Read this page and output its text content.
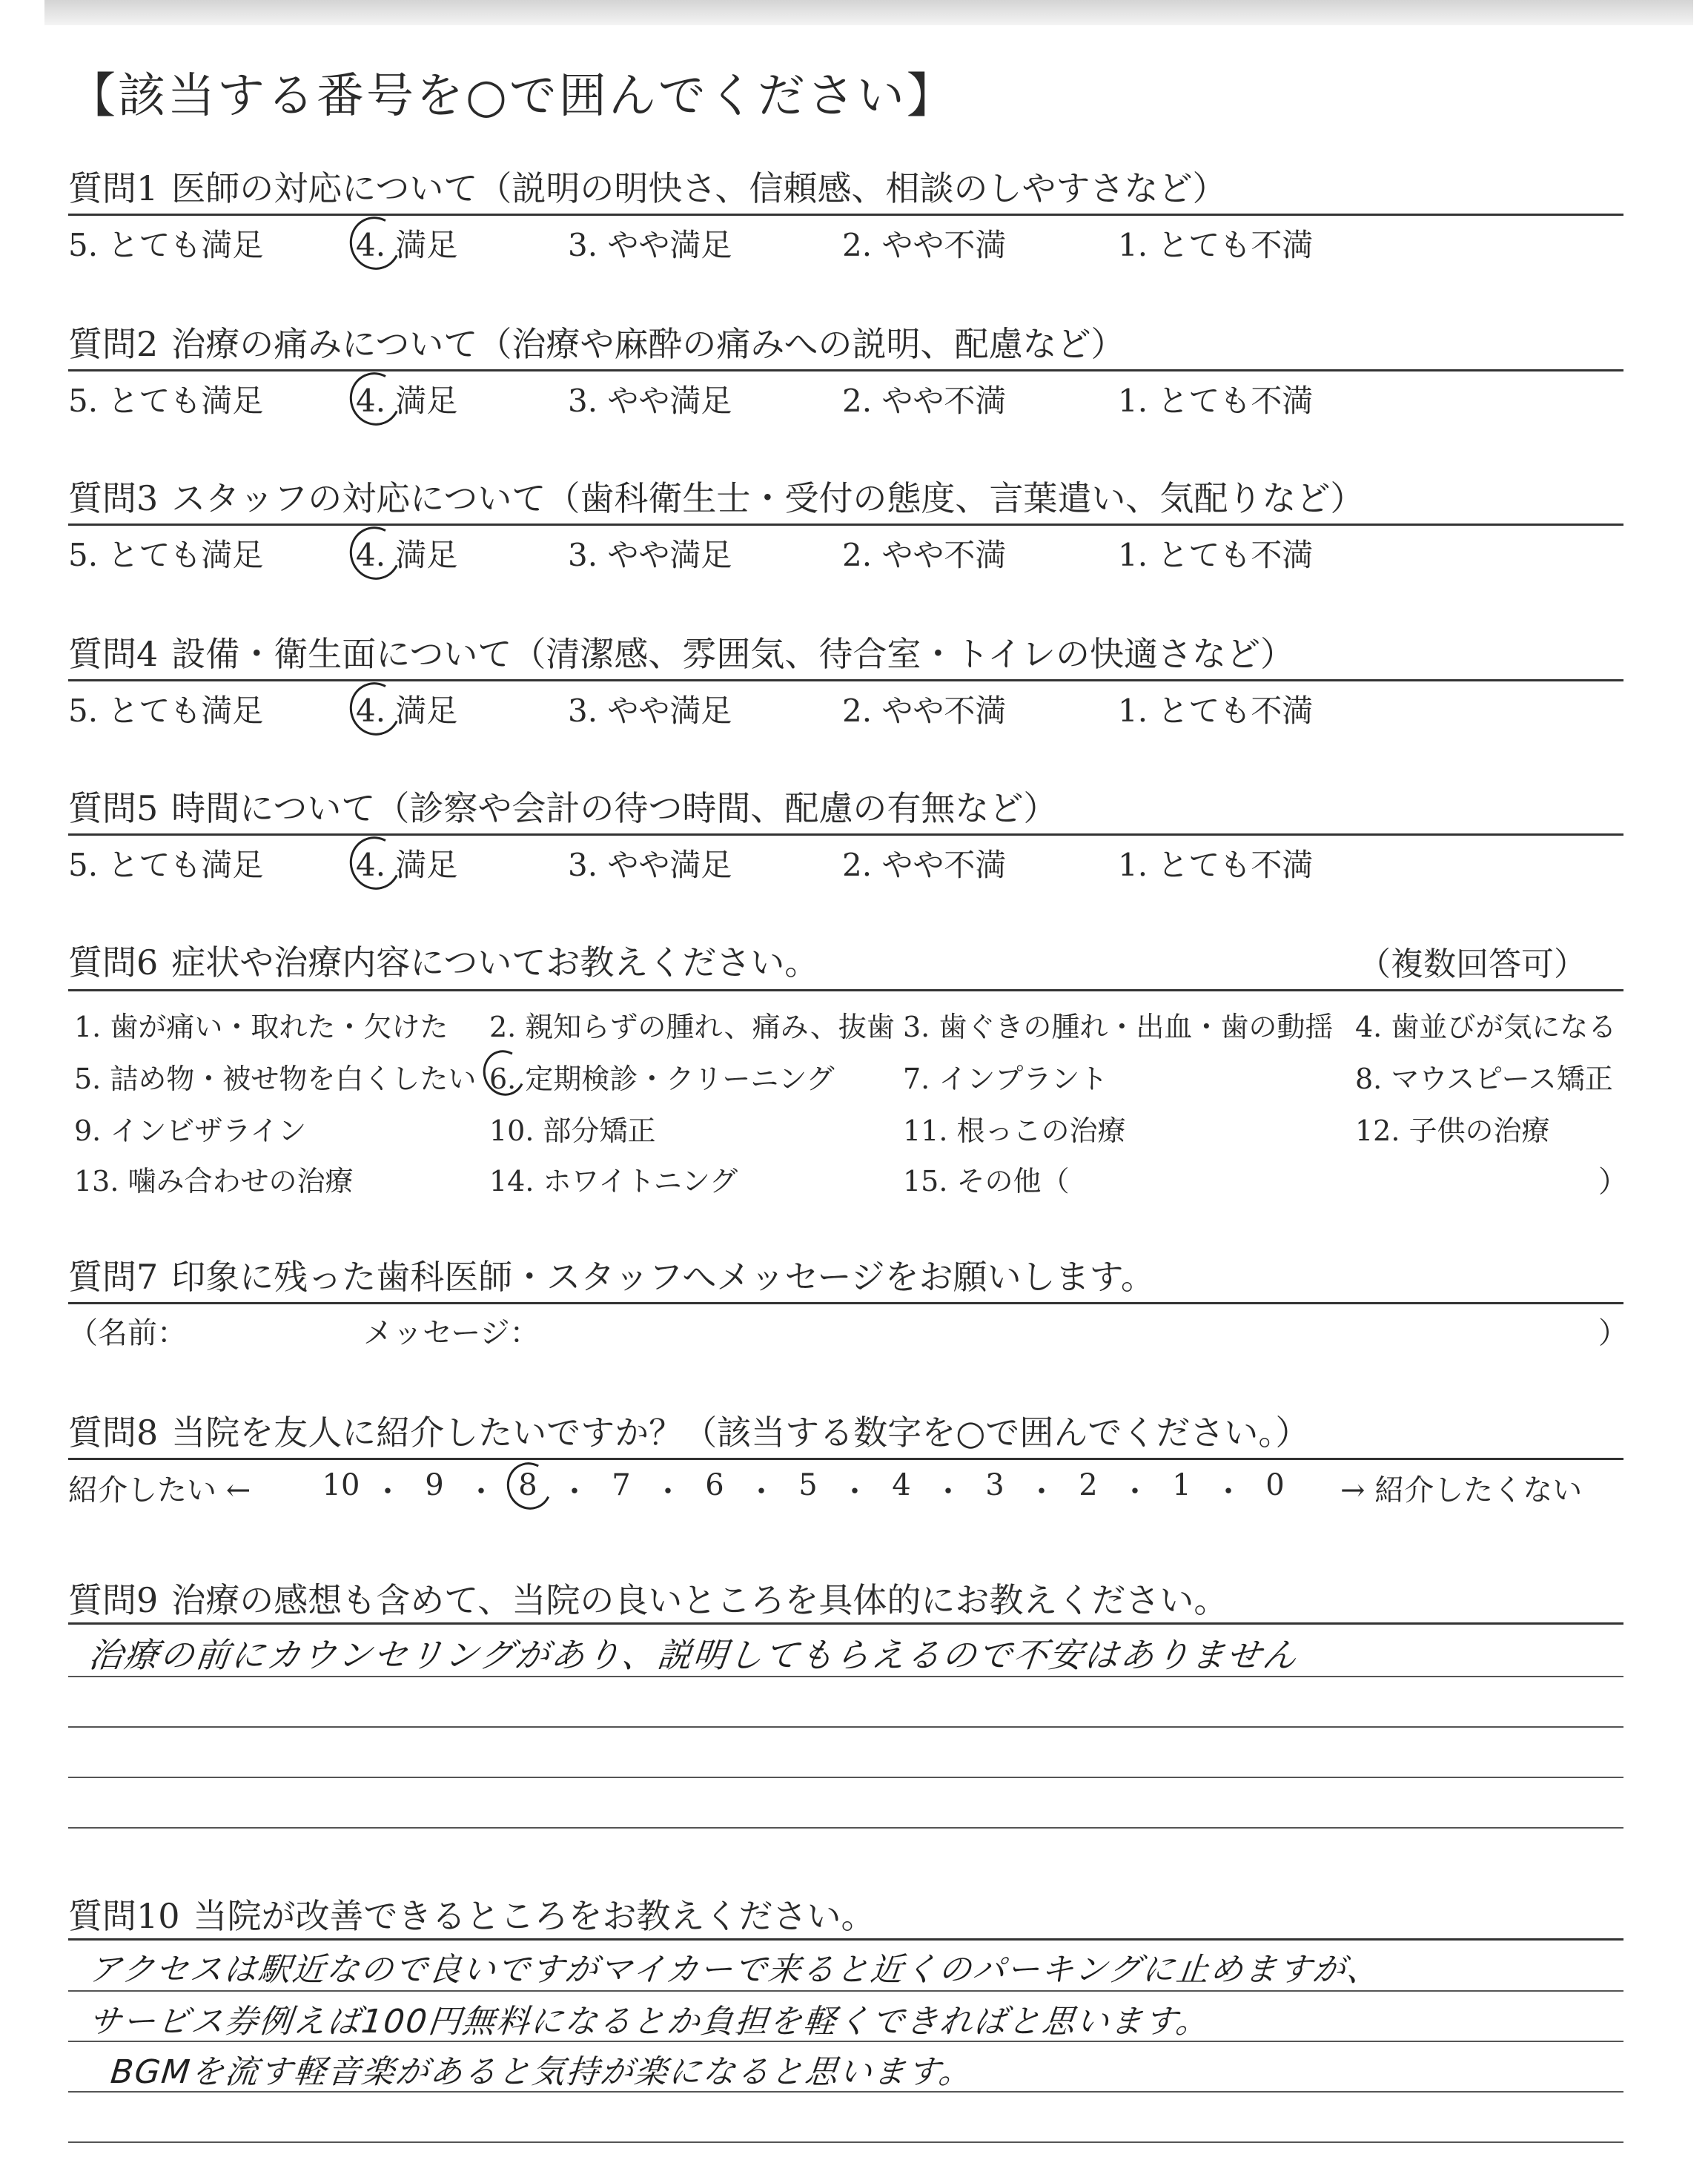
【該当する番号を○で囲んでください】
質問1 医師の対応について（説明の明快さ、信頼感、相談のしやすさなど）
5. とても満足	4. 満足	3. やや満足	2. やや不満	1. とても不満
質問2 治療の痛みについて（治療や麻酔の痛みへの説明、配慮など）
5. とても満足	4. 満足	3. やや満足	2. やや不満	1. とても不満
質問3 スタッフの対応について（歯科衛生士・受付の態度、言葉遣い、気配りなど）
5. とても満足	4. 満足	3. やや満足	2. やや不満	1. とても不満
質問4 設備・衛生面について（清潔感、雰囲気、待合室・トイレの快適さなど）
5. とても満足	4. 満足	3. やや満足	2. やや不満	1. とても不満
質問5 時間について（診察や会計の待つ時間、配慮の有無など）
5. とても満足	4. 満足	3. やや満足	2. やや不満	1. とても不満
質問6 症状や治療内容についてお教えください。	（複数回答可）
1. 歯が痛い・取れた・欠けた 2. 親知らずの腫れ、痛み、抜歯 3. 歯ぐきの腫れ・出血・歯の動揺 4. 歯並びが気になる
5. 詰め物・被せ物を白くしたい 6. 定期検診・クリーニング 7. インプラント	8. マウスピース矯正
9. インビザライン	10. 部分矯正	11. 根っこの治療	12. 子供の治療
13. 噛み合わせの治療	14. ホワイトニング	15. その他（	）
質問7 印象に残った歯科医師・スタッフへメッセージをお願いします。
（名前：	メッセージ：	）
質問8 当院を友人に紹介したいですか？（該当する数字を○で囲んでください。）
紹介したい ← 10 ・ 9 ・ 8 ・ 7 ・ 6 ・ 5 ・ 4 ・ 3 ・ 2 ・ 1 ・ 0	→ 紹介したくない
質問9 治療の感想も含めて、当院の良いところを具体的にお教えください。
治療の前にカウンセリングがあり、説明してもらえるので不安はありません
質問10 当院が改善できるところをお教えください。
アクセスは駅近なので良いですがマイカーで来ると近くのパーキングに止めますが、
サービス券例えば100円無料になるとか負担を軽くできればと思います。
BGMを流す軽音楽があると気持が楽になると思います。
